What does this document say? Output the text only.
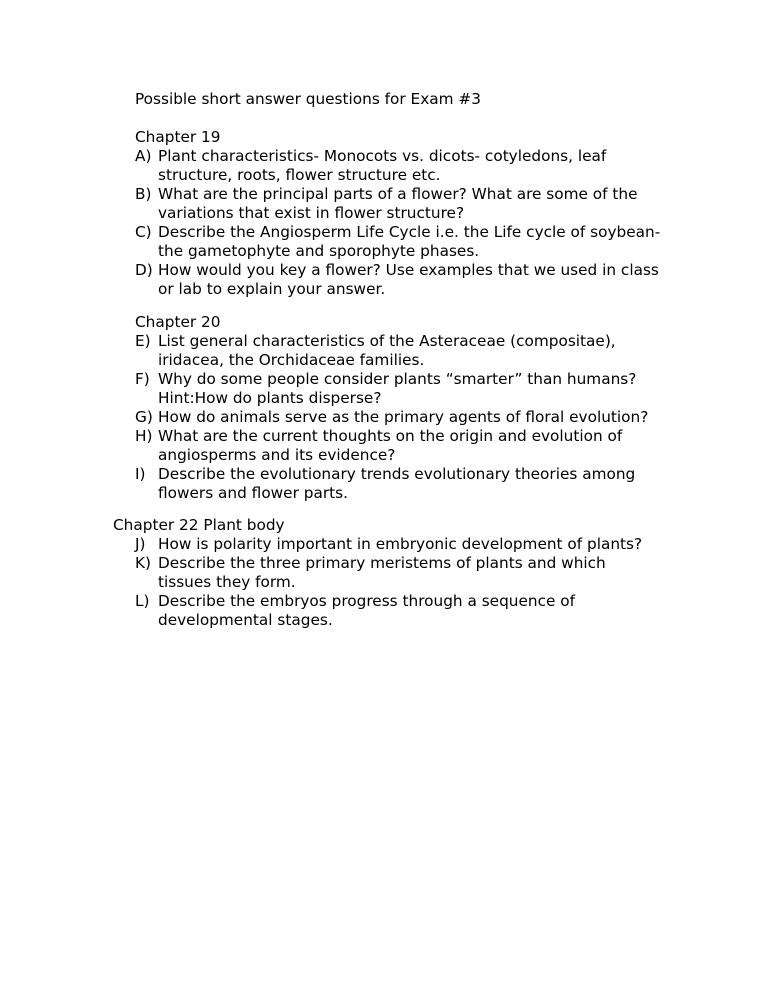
Possible short answer questions for Exam #3
Chapter 19
A) Plant characteristics- Monocots vs. dicots- cotyledons, leaf
structure, roots, flower structure etc.
B) What are the principal parts of a flower? What are some of the
variations that exist in flower structure?
C) Describe the Angiosperm Life Cycle i.e. the Life cycle of soybean-
the gametophyte and sporophyte phases.
D) How would you key a flower? Use examples that we used in class
or lab to explain your answer.
Chapter 20
E) List general characteristics of the Asteraceae (compositae),
iridacea, the Orchidaceae families.
F) Why do some people consider plants “smarter” than humans?
Hint:How do plants disperse?
G) How do animals serve as the primary agents of floral evolution?
H) What are the current thoughts on the origin and evolution of
angiosperms and its evidence?
I) Describe the evolutionary trends evolutionary theories among
flowers and flower parts.
Chapter 22 Plant body
J) How is polarity important in embryonic development of plants?
K) Describe the three primary meristems of plants and which
tissues they form.
L) Describe the embryos progress through a sequence of
developmental stages.
